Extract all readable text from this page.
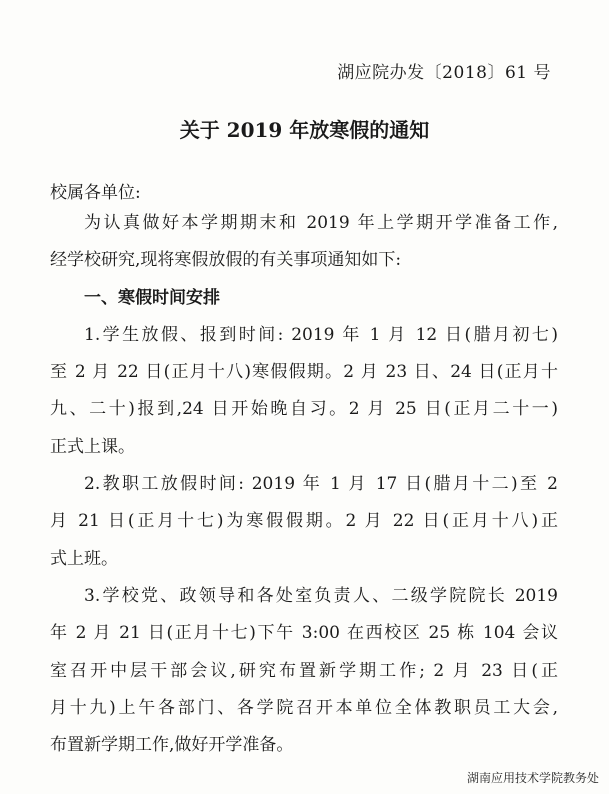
湖应院办发〔2018〕61 号
关于 2019 年放寒假的通知
校属各单位:
为认真做好本学期期末和 2019 年上学期开学准备工作,
经学校研究,现将寒假放假的有关事项通知如下:
一、寒假时间安排
1.学生放假、报到时间: 2019 年 1 月 12 日(腊月初七)
至 2 月 22 日(正月十八)寒假假期。2 月 23 日、24 日(正月十
九、二十)报到,24 日开始晚自习。2 月 25 日(正月二十一)
正式上课。
2.教职工放假时间: 2019 年 1 月 17 日(腊月十二)至 2
月 21 日(正月十七)为寒假假期。2 月 22 日(正月十八)正
式上班。
3.学校党、政领导和各处室负责人、二级学院院长 2019
年 2 月 21 日(正月十七)下午 3:00 在西校区 25 栋 104 会议
室召开中层干部会议,研究布置新学期工作; 2 月 23 日(正
月十九)上午各部门、各学院召开本单位全体教职员工大会,
布置新学期工作,做好开学准备。
湖南应用技术学院教务处
